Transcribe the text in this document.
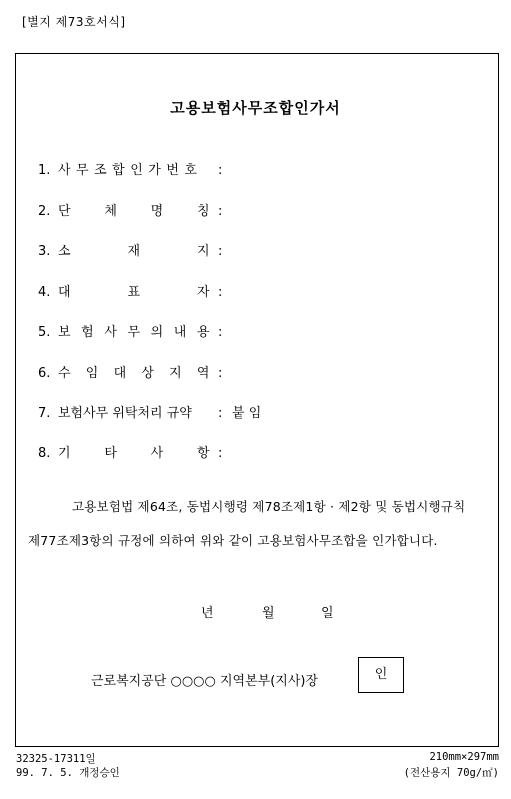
[별지 제73호서식]
고용보험사무조합인가서
1. 사무조합인가번호 :
2. 단	체	명	칭 :
3. 소	재	지 :
4. 대	표	자 :
5. 보 험 사 무 의 내 용 :
6. 수 임 대 상 지 역 :
7. 보험사무 위탁처리 규약 : 붙 임
8. 기	타	사	항 :
고용보험법 제64조, 동법시행령 제78조제1항 · 제2항 및 동법시행규칙
제77조제3항의 규정에 의하여 위와 같이 고용보험사무조합을 인가합니다.
년	월	일
근로복지공단 ○○○○ 지역본부(지사)장	인
32325-17311일
99. 7. 5. 개정승인
210mm×297mm
(전산용지 70g/㎡)
